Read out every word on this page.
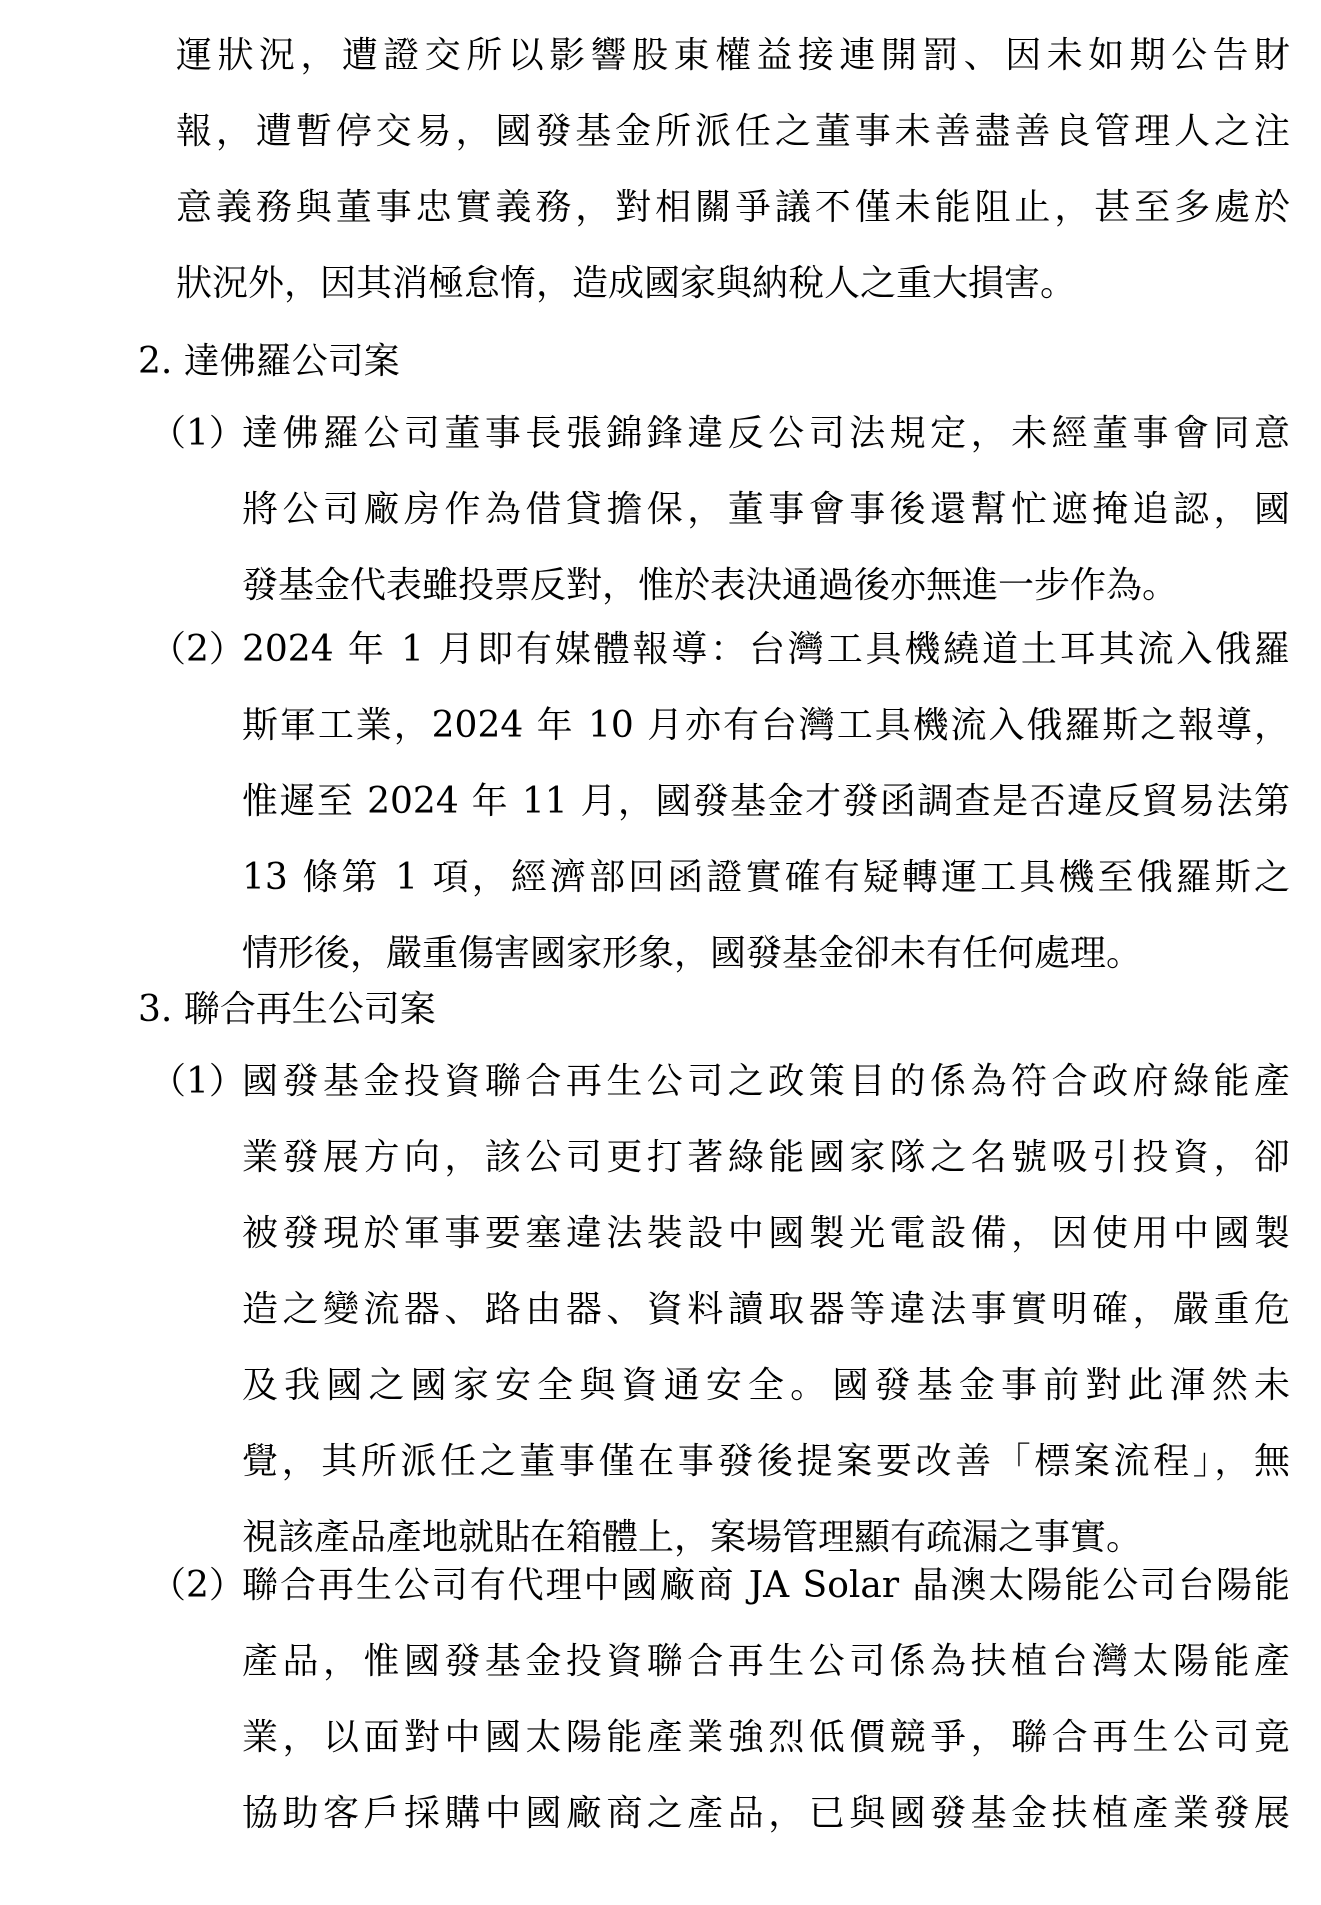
運狀況，遭證交所以影響股東權益接連開罰、因未如期公告財
報，遭暫停交易，國發基金所派任之董事未善盡善良管理人之注
意義務與董事忠實義務，對相關爭議不僅未能阻止，甚至多處於
狀況外，因其消極怠惰，造成國家與納稅人之重大損害。
2. 達佛羅公司案
（1）
達佛羅公司董事長張錦鋒違反公司法規定，未經董事會同意
將公司廠房作為借貸擔保，董事會事後還幫忙遮掩追認，國
發基金代表雖投票反對，惟於表決通過後亦無進一步作為。
（2）
2024 年 1 月即有媒體報導：台灣工具機繞道土耳其流入俄羅
斯軍工業，2024 年 10 月亦有台灣工具機流入俄羅斯之報導，
惟遲至 2024 年 11 月，國發基金才發函調查是否違反貿易法第
13 條第 1 項，經濟部回函證實確有疑轉運工具機至俄羅斯之
情形後，嚴重傷害國家形象，國發基金卻未有任何處理。
3. 聯合再生公司案
（1）
國發基金投資聯合再生公司之政策目的係為符合政府綠能產
業發展方向，該公司更打著綠能國家隊之名號吸引投資，卻
被發現於軍事要塞違法裝設中國製光電設備，因使用中國製
造之變流器、路由器、資料讀取器等違法事實明確，嚴重危
及我國之國家安全與資通安全。國發基金事前對此渾然未
覺，其所派任之董事僅在事發後提案要改善「標案流程」，無
視該產品產地就貼在箱體上，案場管理顯有疏漏之事實。
（2）
聯合再生公司有代理中國廠商 JA Solar 晶澳太陽能公司台陽能
產品，惟國發基金投資聯合再生公司係為扶植台灣太陽能產
業，以面對中國太陽能產業強烈低價競爭，聯合再生公司竟
協助客戶採購中國廠商之產品，已與國發基金扶植產業發展
